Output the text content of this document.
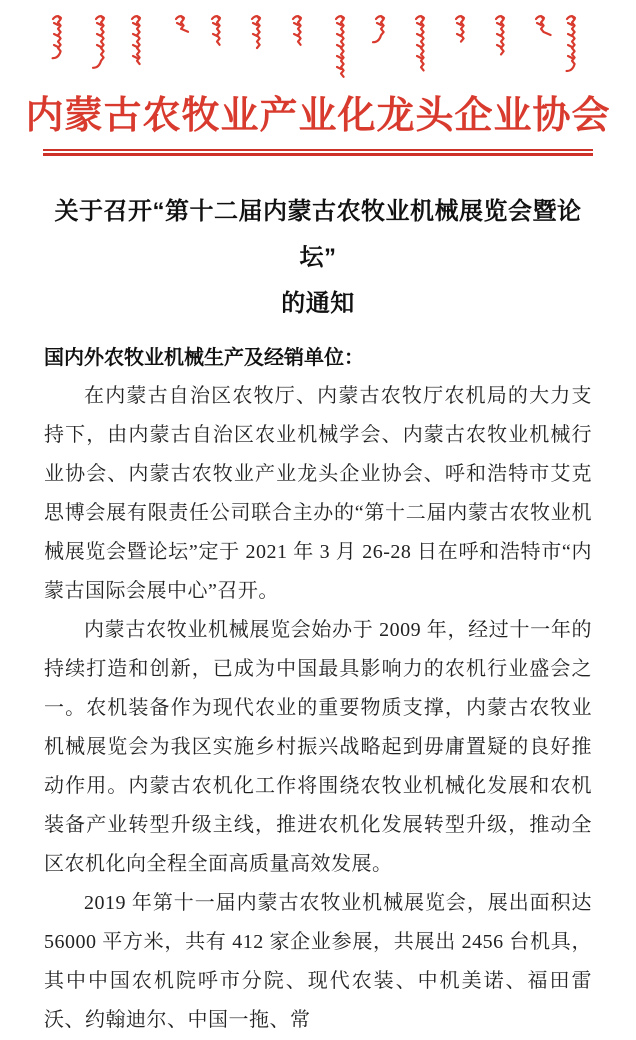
内蒙古农牧业产业化龙头企业协会
关于召开“第十二届内蒙古农牧业机械展览会暨论坛”
的通知

国内外农牧业机械生产及经销单位：

在内蒙古自治区农牧厅、内蒙古农牧厅农机局的大力支持下，由内蒙古自治区农业机械学会、内蒙古农牧业机械行业协会、内蒙古农牧业产业龙头企业协会、呼和浩特市艾克思博会展有限责任公司联合主办的“第十二届内蒙古农牧业机械展览会暨论坛”定于 2021 年 3 月 26-28 日在呼和浩特市“内蒙古国际会展中心”召开。

内蒙古农牧业机械展览会始办于 2009 年，经过十一年的持续打造和创新，已成为中国最具影响力的农机行业盛会之一。农机装备作为现代农业的重要物质支撑，内蒙古农牧业机械展览会为我区实施乡村振兴战略起到毋庸置疑的良好推动作用。内蒙古农机化工作将围绕农牧业机械化发展和农机装备产业转型升级主线，推进农机化发展转型升级，推动全区农机化向全程全面高质量高效发展。

2019 年第十一届内蒙古农牧业机械展览会，展出面积达 56000 平方米，共有 412 家企业参展，共展出 2456 台机具，其中中国农机院呼市分院、现代农装、中机美诺、福田雷沃、约翰迪尔、中国一拖、常
